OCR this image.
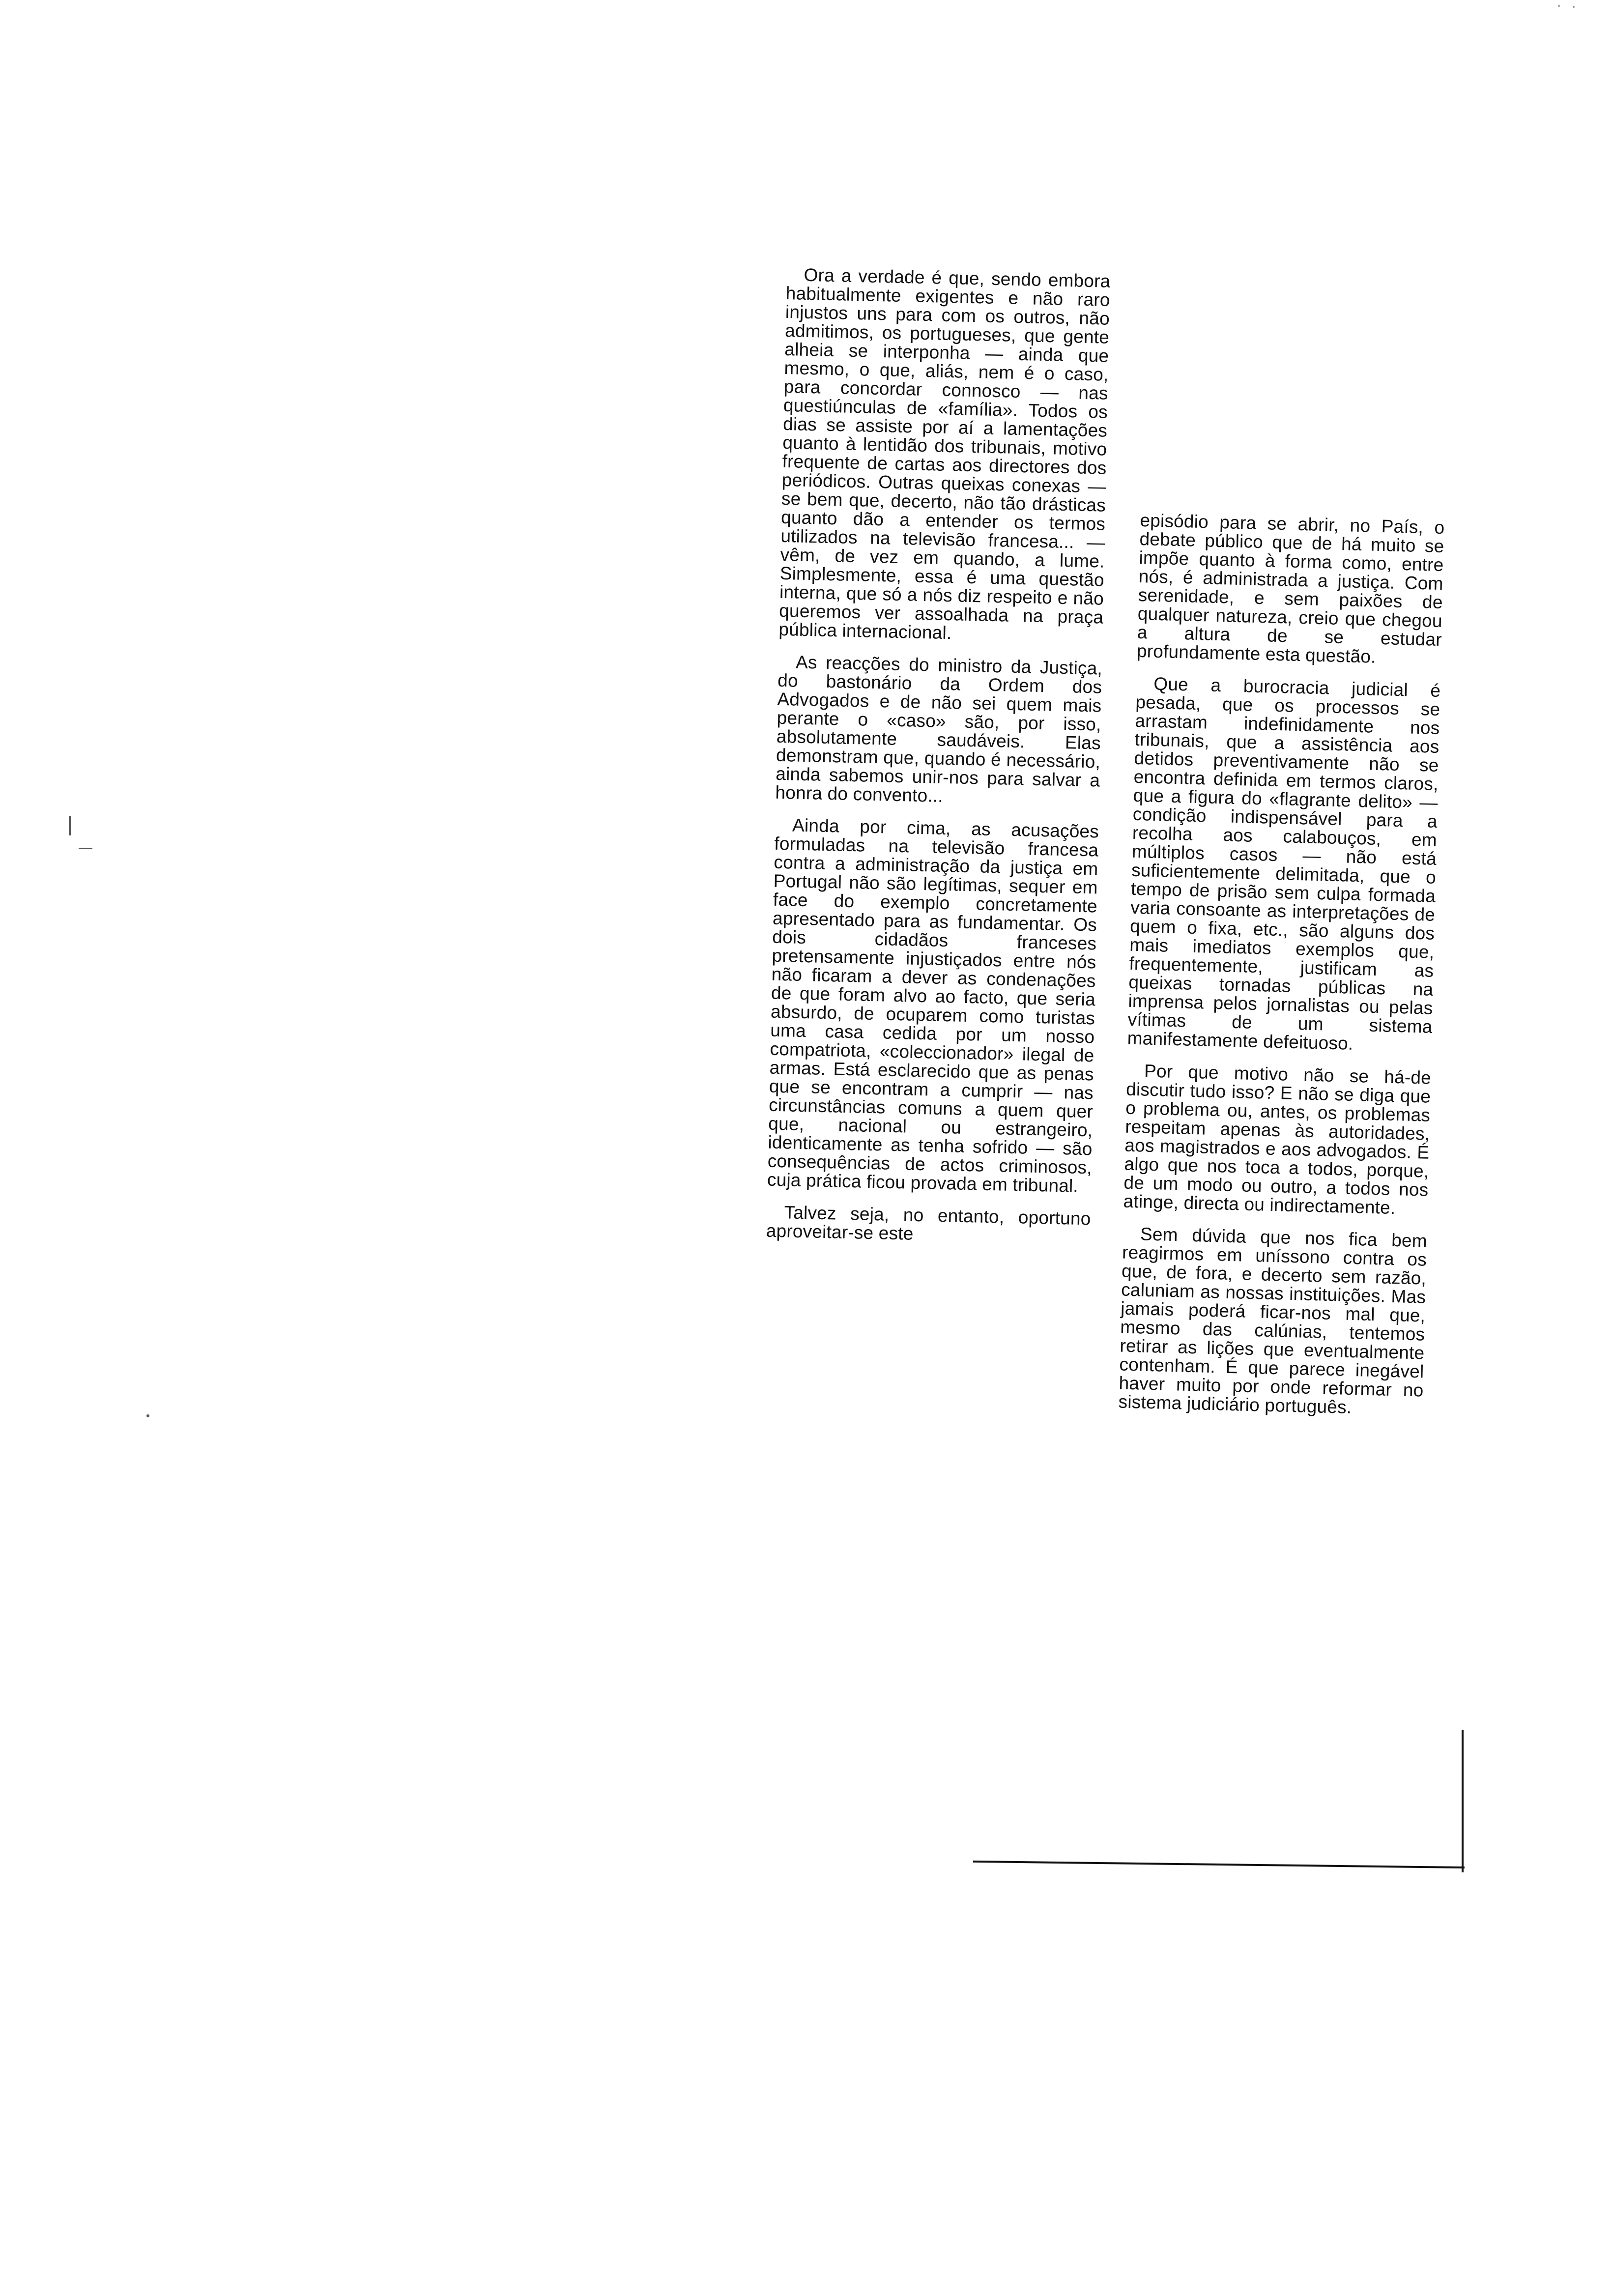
Ora a verdade é que, sendo embora habitualmente exigentes e não raro injustos uns para com os outros, não admitimos, os portugueses, que gente alheia se interponha — ainda que mesmo, o que, aliás, nem é o caso, para concordar connosco — nas questiúnculas de «família». Todos os dias se assiste por aí a lamentações quanto à lentidão dos tribunais, motivo frequente de cartas aos directores dos periódicos. Outras queixas conexas — se bem que, decerto, não tão drásticas quanto dão a entender os termos utilizados na televisão francesa... — vêm, de vez em quando, a lume. Simplesmente, essa é uma questão interna, que só a nós diz respeito e não queremos ver assoalhada na praça pública internacional.

As reacções do ministro da Justiça, do bastonário da Ordem dos Advogados e de não sei quem mais perante o «caso» são, por isso, absolutamente saudáveis. Elas demonstram que, quando é necessário, ainda sabemos unir-nos para salvar a honra do convento...

Ainda por cima, as acusações formuladas na televisão francesa contra a administração da justiça em Portugal não são legítimas, sequer em face do exemplo concretamente apresentado para as fundamentar. Os dois cidadãos franceses pretensamente injustiçados entre nós não ficaram a dever as condenações de que foram alvo ao facto, que seria absurdo, de ocuparem como turistas uma casa cedida por um nosso compatriota, «coleccionador» ilegal de armas. Está esclarecido que as penas que se encontram a cumprir — nas circunstâncias comuns a quem quer que, nacional ou estrangeiro, identicamente as tenha sofrido — são consequências de actos criminosos, cuja prática ficou provada em tribunal.

Talvez seja, no entanto, oportuno aproveitar-se este

episódio para se abrir, no País, o debate público que de há muito se impõe quanto à forma como, entre nós, é administrada a justiça. Com serenidade, e sem paixões de qualquer natureza, creio que chegou a altura de se estudar profundamente esta questão.

Que a burocracia judicial é pesada, que os processos se arrastam indefinidamente nos tribunais, que a assistência aos detidos preventivamente não se encontra definida em termos claros, que a figura do «flagrante delito» — condição indispensável para a recolha aos calabouços, em múltiplos casos — não está suficientemente delimitada, que o tempo de prisão sem culpa formada varia consoante as interpretações de quem o fixa, etc., são alguns dos mais imediatos exemplos que, frequentemente, justificam as queixas tornadas públicas na imprensa pelos jornalistas ou pelas vítimas de um sistema manifestamente defeituoso.

Por que motivo não se há-de discutir tudo isso? E não se diga que o problema ou, antes, os problemas respeitam apenas às autoridades, aos magistrados e aos advogados. É algo que nos toca a todos, porque, de um modo ou outro, a todos nos atinge, directa ou indirectamente.

Sem dúvida que nos fica bem reagirmos em uníssono contra os que, de fora, e decerto sem razão, caluniam as nossas instituições. Mas jamais poderá ficar-nos mal que, mesmo das calúnias, tentemos retirar as lições que eventualmente contenham. É que parece inegável haver muito por onde reformar no sistema judiciário português.
